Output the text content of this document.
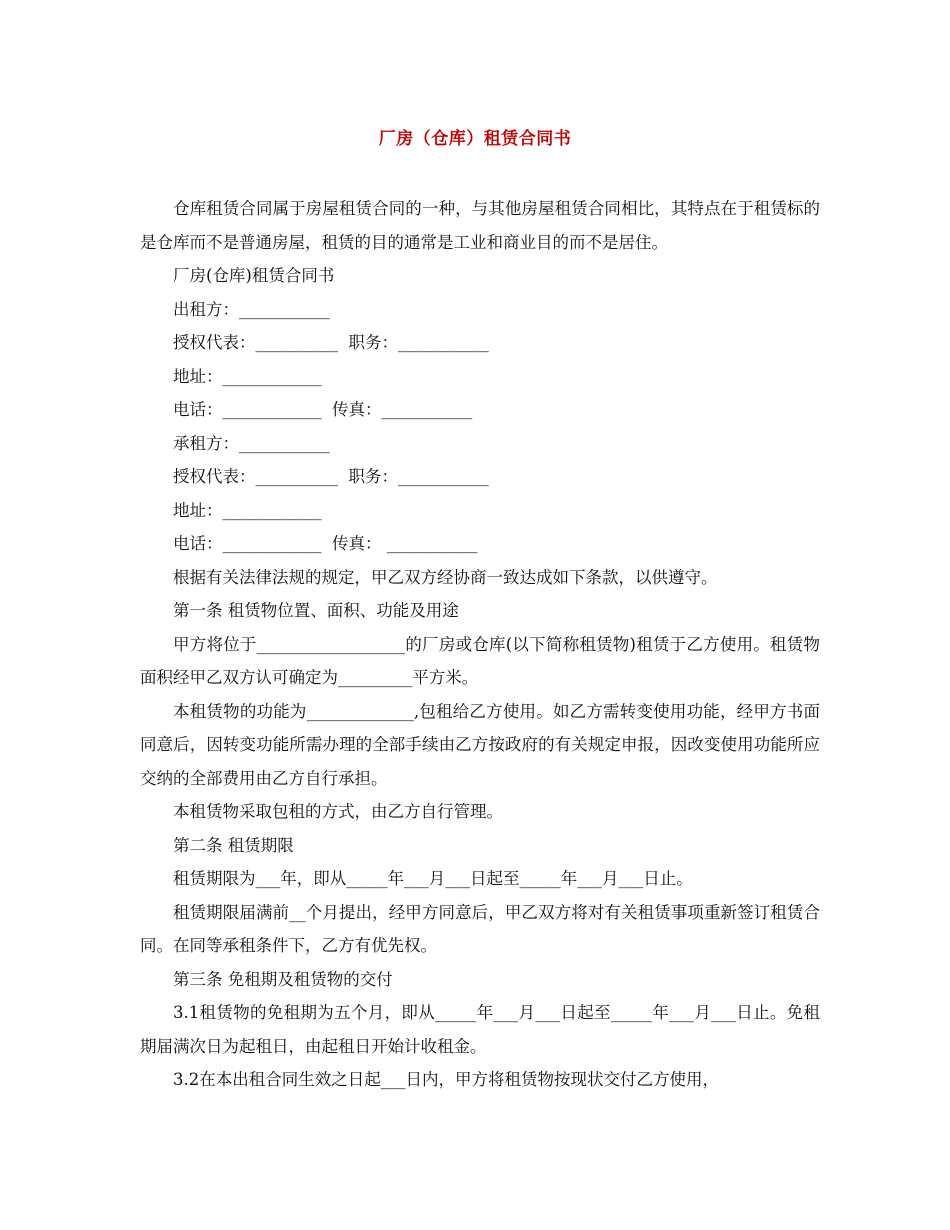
厂房（仓库）租赁合同书

仓库租赁合同属于房屋租赁合同的一种，与其他房屋租赁合同相比，其特点在于租赁标的是仓库而不是普通房屋，租赁的目的通常是工业和商业目的而不是居住。

厂房(仓库)租赁合同书

出租方：___________

授权代表：__________  职务：___________

地址：____________

电话：____________  传真：___________

承租方：___________

授权代表：__________  职务：___________

地址：____________

电话：____________  传真： ___________

根据有关法律法规的规定，甲乙双方经协商一致达成如下条款，以供遵守。

第一条 租赁物位置、面积、功能及用途

甲方将位于__________________的厂房或仓库(以下简称租赁物)租赁于乙方使用。租赁物面积经甲乙双方认可确定为_________平方米。

本租赁物的功能为_____________,包租给乙方使用。如乙方需转变使用功能，经甲方书面同意后，因转变功能所需办理的全部手续由乙方按政府的有关规定申报，因改变使用功能所应交纳的全部费用由乙方自行承担。

本租赁物采取包租的方式，由乙方自行管理。

第二条 租赁期限

租赁期限为___年，即从_____年___月___日起至_____年___月___日止。

租赁期限届满前__个月提出，经甲方同意后，甲乙双方将对有关租赁事项重新签订租赁合同。在同等承租条件下，乙方有优先权。

第三条 免租期及租赁物的交付

3.1租赁物的免租期为五个月，即从_____年___月___日起至_____年___月___日止。免租期届满次日为起租日，由起租日开始计收租金。

3.2在本出租合同生效之日起___日内，甲方将租赁物按现状交付乙方使用，
